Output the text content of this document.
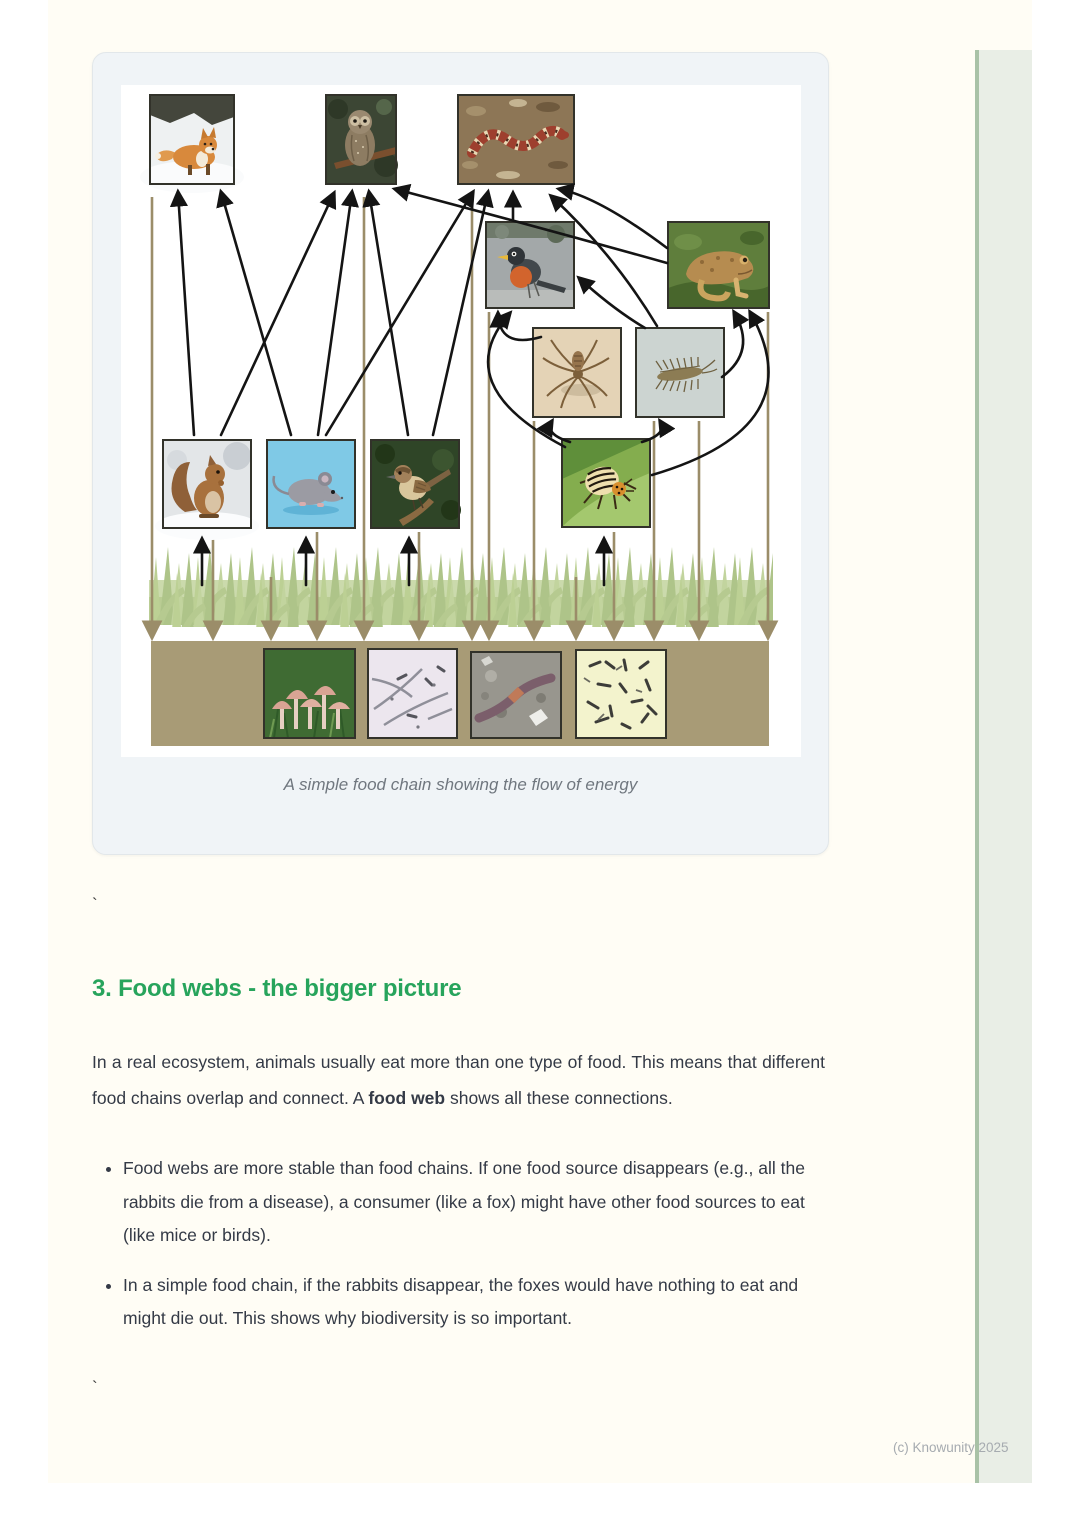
A simple food chain showing the flow of energy
`
3. Food webs - the bigger picture

In a real ecosystem, animals usually eat more than one type of food. This means that different food chains overlap and connect. A food web shows all these connections.

• Food webs are more stable than food chains. If one food source disappears (e.g., all the rabbits die from a disease), a consumer (like a fox) might have other food sources to eat (like mice or birds).
• In a simple food chain, if the rabbits disappear, the foxes would have nothing to eat and might die out. This shows why biodiversity is so important.
`
(c) Knowunity 2025
